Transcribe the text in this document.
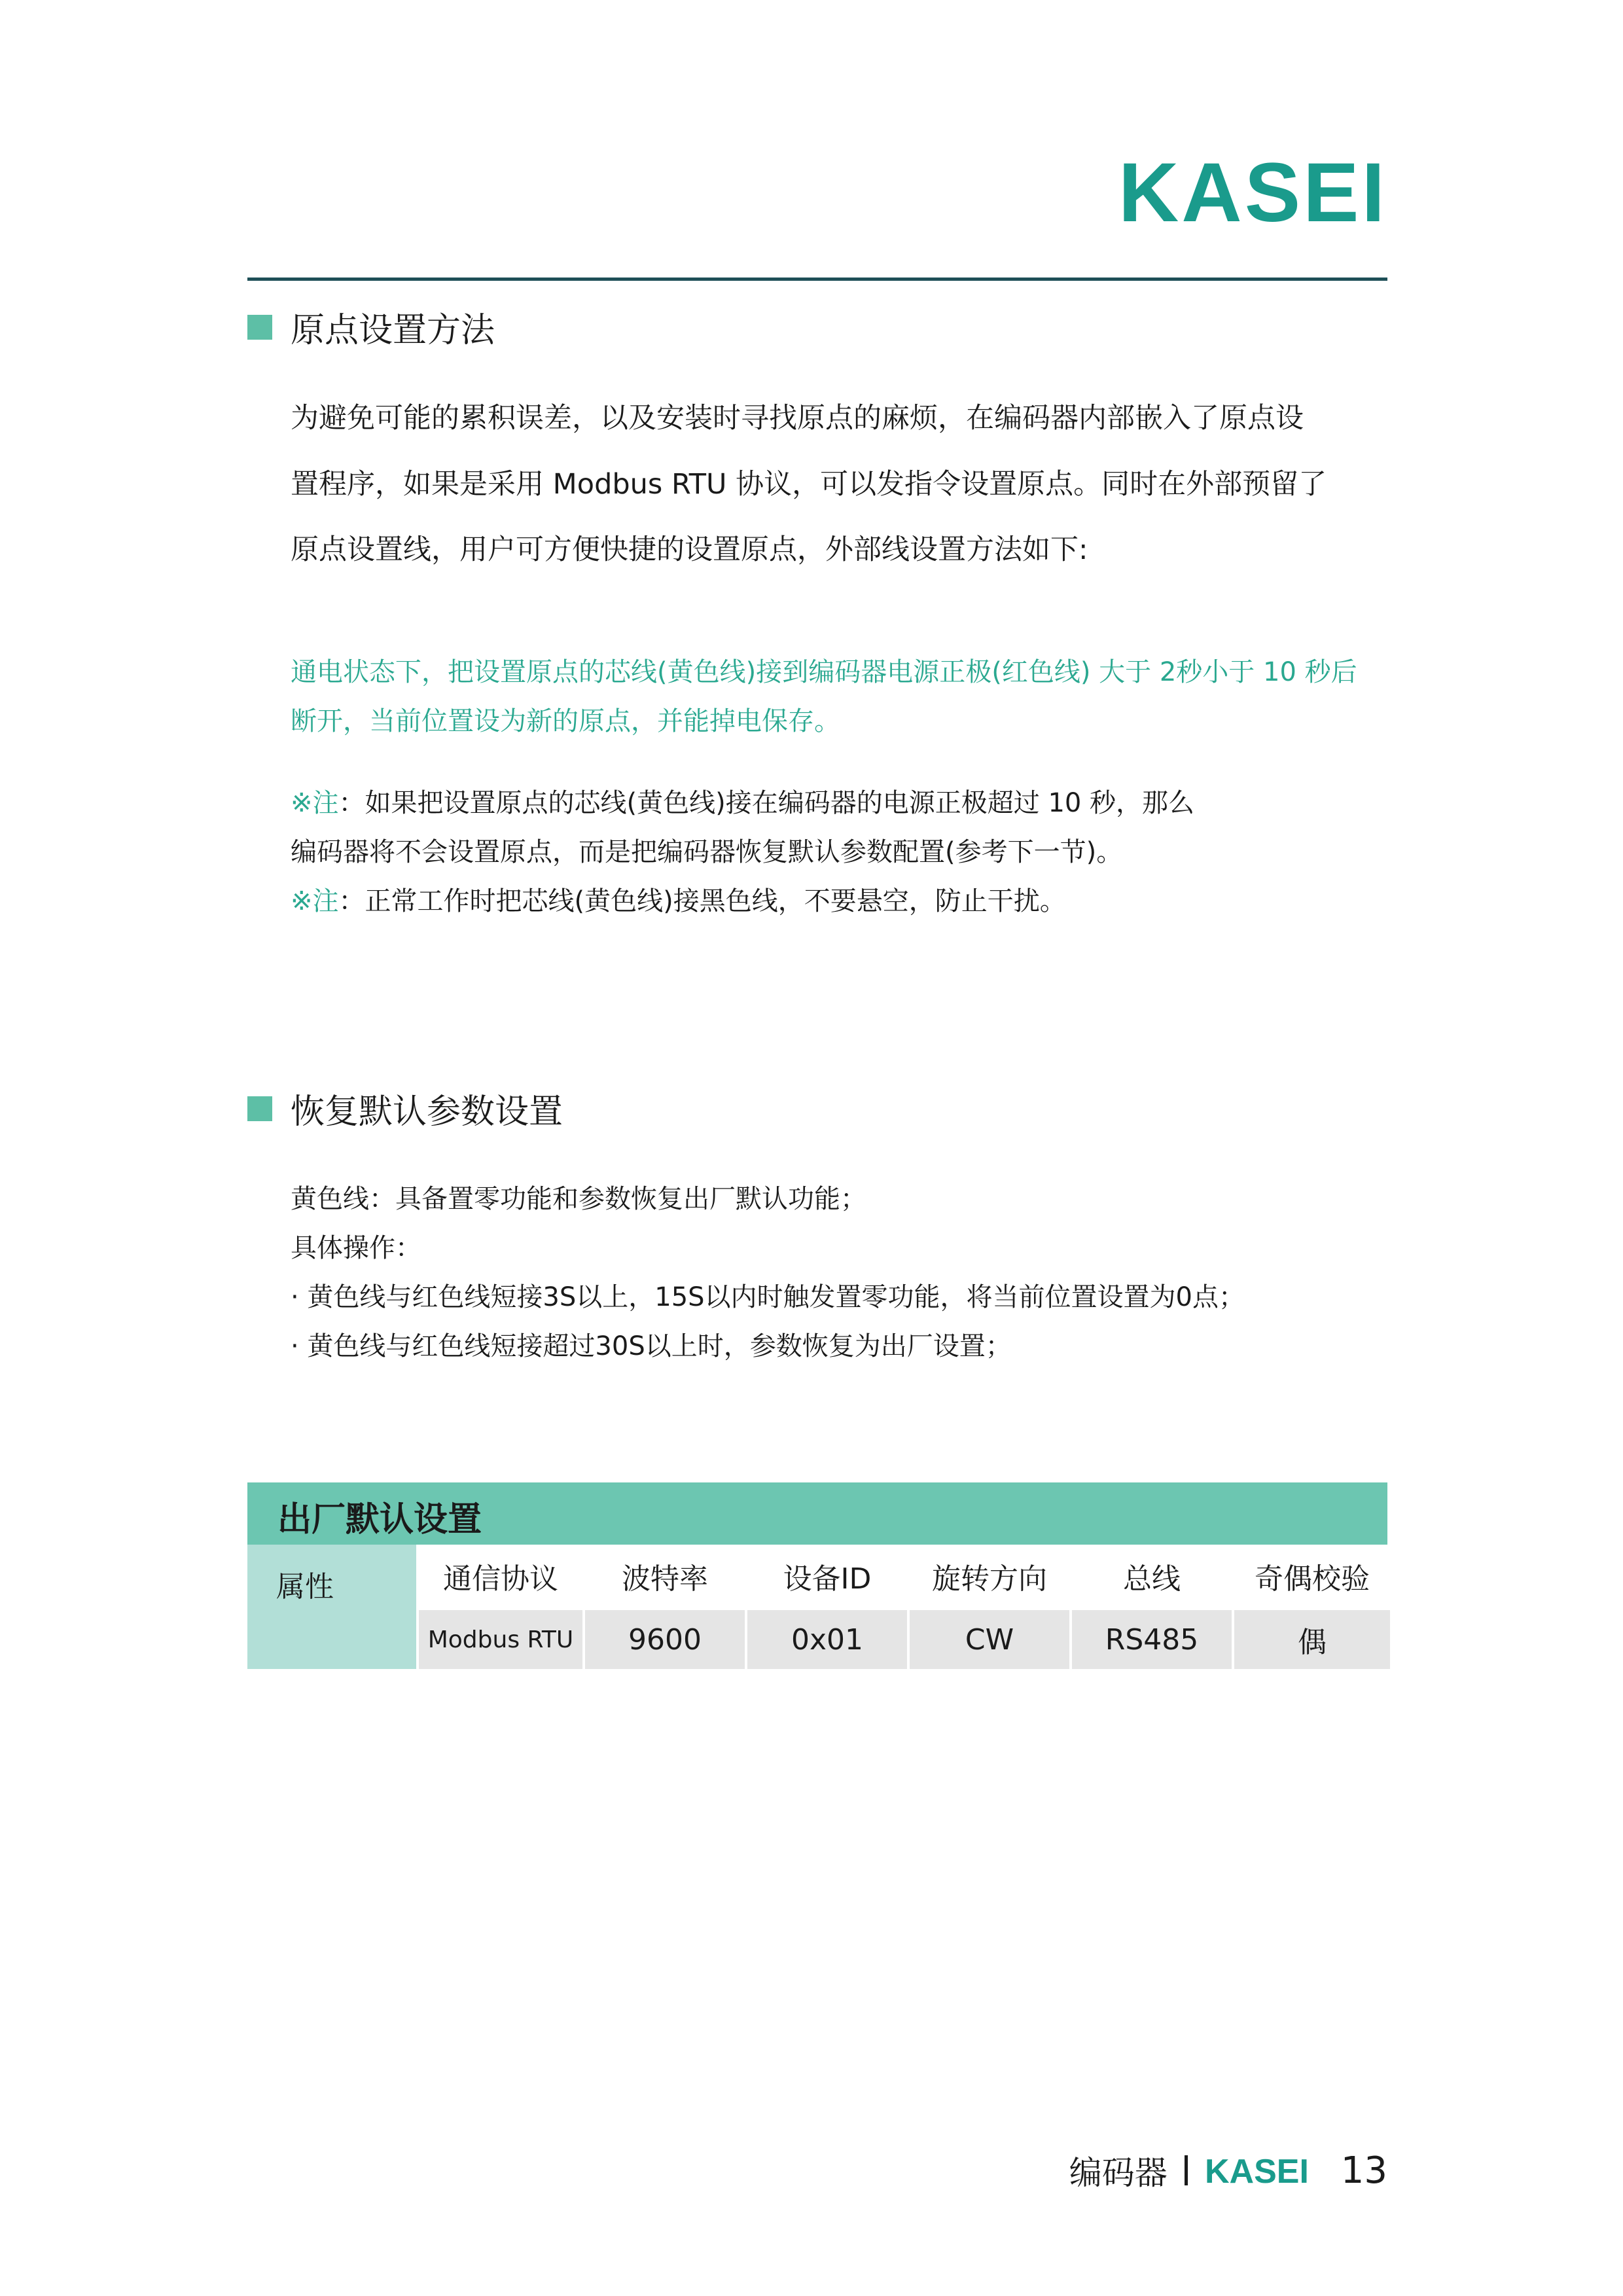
KASEI
原点设置方法
为避免可能的累积误差，以及安装时寻找原点的麻烦，在编码器内部嵌入了原点设
置程序，如果是采用 Modbus RTU 协议，可以发指令设置原点。同时在外部预留了
原点设置线，用户可方便快捷的设置原点，外部线设置方法如下:
通电状态下，把设置原点的芯线(黄色线)接到编码器电源正极(红色线) 大于 2秒小于 10 秒后
断开，当前位置设为新的原点，并能掉电保存。
※注：如果把设置原点的芯线(黄色线)接在编码器的电源正极超过 10 秒，那么
编码器将不会设置原点，而是把编码器恢复默认参数配置(参考下一节)。
※注：正常工作时把芯线(黄色线)接黑色线，不要悬空，防止干扰。
恢复默认参数设置
黄色线：具备置零功能和参数恢复出厂默认功能；
具体操作：
· 黄色线与红色线短接3S以上，15S以内时触发置零功能，将当前位置设置为0点；
· 黄色线与红色线短接超过30S以上时，参数恢复为出厂设置；
出厂默认设置
属性	通信协议	波特率	设备ID	旋转方向	总线	奇偶校验
Modbus RTU	9600	0x01	CW	RS485	偶
编码器 KASEI 13
